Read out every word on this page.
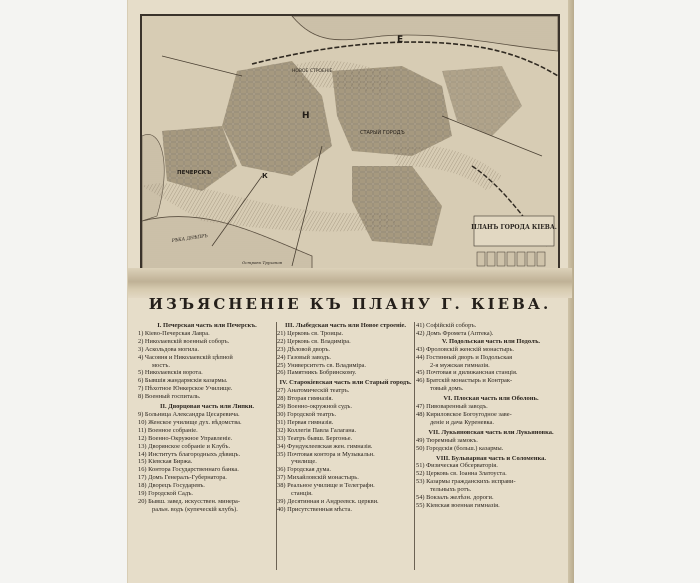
ПЛАНЪ ГОРОДА КІЕВА.
ПЕЧЕРСКЪ
СТАРЫЙ ГОРОДЪ
НОВОЕ СТРОЕНІЕ
РѢКА ДНѢПРЪ
Островъ Труханов
Е
Н
К
ИЗЪЯСНЕНІЕ КЪ ПЛАНУ Г. КІЕВА.
I. Печерская часть или Печерскъ.
1) Кіево-Печерская Лавра.
2) Николаевскій военный соборъ.
3) Аскольдова могила.
4) Часовня и Николаевскій цѣпной
мостъ.
5) Николаевскія ворота.
6) Бывшія жандармскія казармы.
7) Пѣхотное Юнкерское Училище.
8) Военный госпиталь.
II. Дворцовая часть или Липки.
9) Больница Александра Цесаревича.
10) Женское училище дух. вѣдомства.
11) Военное собраніе.
12) Военно-Окружное Управленіе.
13) Дворянское собраніе и Клубъ.
14) Институтъ благородныхъ дѣвицъ.
15) Кіевская Биржа.
16) Контора Государственнаго банка.
17) Домъ Генералъ-Губернатора.
18) Дворецъ Государевъ.
19) Городской Садъ.
20) Бывш. завед. искусствен. минера-
ральн. водъ (купеческій клубъ).
III. Лыбедская часть или Новое строеніе.
21) Церковь св. Троицы.
22) Церковь св. Владиміра.
23) Дѣловой дворъ.
24) Газовый заводъ.
25) Университетъ св. Владиміра.
26) Памятникъ Бобринскому.
IV. Старокіевская часть или Старый городъ.
27) Анатомическій театръ.
28) Вторая гимназія.
29) Военно-окружной судъ.
30) Городской театръ.
31) Первая гимназія.
32) Коллегія Павла Галагана.
33) Театръ бывш. Бергонье.
34) Фундуклеевская жен. гимназія.
35) Почтовая контора и Музыкальн.
училище.
36) Городская дума.
37) Михайловскій монастырь.
38) Реальное училище и Телеграфн.
станція.
39) Десятинная и Андреевск. церкви.
40) Присутственныя мѣста.
41) Софійскій соборъ.
42) Домъ Фромета (Аптека).
V. Подольская часть или Подолъ.
43) Фроловскій женскій монастырь.
44) Гостинный дворъ и Подольская
2-я мужская гимназія.
45) Почтовая и дилижансная станція.
46) Братскій монастырь и Контрак-
товый домъ.
VI. Плоская часть или Оболонь.
47) Пивоваренный заводъ.
48) Кириловское Богоугодное заве-
деніе и дача Куреневка.
VII. Лукьяновская часть или Лукьяновка.
49) Тюремный замокъ.
50) Городскія (больш.) казармы.
VIII. Бульварная часть и Соломенка.
51) Физическая Обсерваторія.
52) Церковь св. Іоанна Златоуста.
53) Казармы гражданскихъ исправи-
тельныхъ ротъ.
54) Вокзалъ желѣзн. дороги.
55) Кіевская военная гимназія.
